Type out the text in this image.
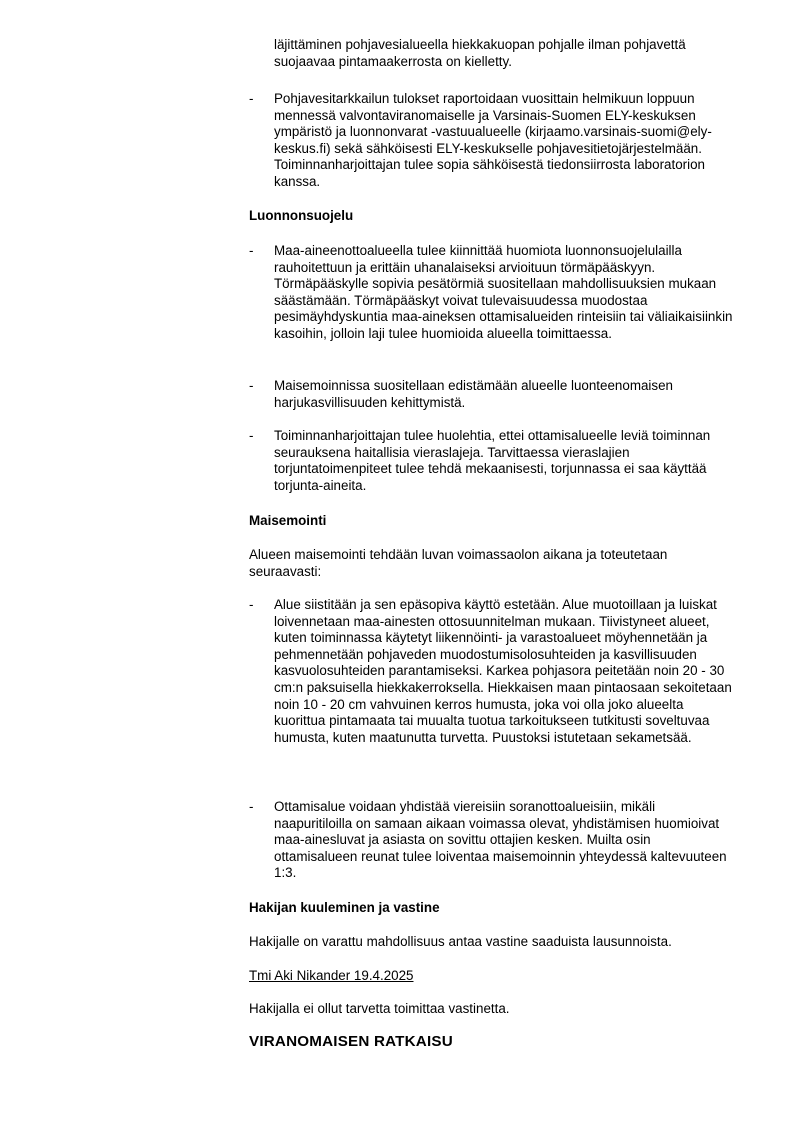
läjittäminen pohjavesialueella hiekkakuopan pohjalle ilman pohjavettä suojaavaa pintamaakerrosta on kielletty.
- Pohjavesitarkkailun tulokset raportoidaan vuosittain helmikuun loppuun mennessä valvontaviranomaiselle ja Varsinais-Suomen ELY-keskuksen ympäristö ja luonnonvarat -vastuualueelle (kirjaamo.varsinais-suomi@ely-keskus.fi) sekä sähköisesti ELY-keskukselle pohjavesitietojärjestelmään. Toiminnanharjoittajan tulee sopia sähköisestä tiedonsiirrosta laboratorion kanssa.
Luonnonsuojelu
- Maa-aineenottoalueella tulee kiinnittää huomiota luonnonsuojelulailla rauhoitettuun ja erittäin uhanalaiseksi arvioituun törmäpääskyyn. Törmäpääskylle sopivia pesätörmiä suositellaan mahdollisuuksien mukaan säästämään. Törmäpääskyt voivat tulevaisuudessa muodostaa pesimäyhdyskuntia maa-aineksen ottamisalueiden rinteisiin tai väliaikaisiinkin kasoihin, jolloin laji tulee huomioida alueella toimittaessa.
- Maisemoinnissa suositellaan edistämään alueelle luonteenomaisen harjukasvillisuuden kehittymistä.
- Toiminnanharjoittajan tulee huolehtia, ettei ottamisalueelle leviä toiminnan seurauksena haitallisia vieraslajeja. Tarvittaessa vieraslajien torjuntatoimenpiteet tulee tehdä mekaanisesti, torjunnassa ei saa käyttää torjunta-aineita.
Maisemointi
Alueen maisemointi tehdään luvan voimassaolon aikana ja toteutetaan seuraavasti:
- Alue siistitään ja sen epäsopiva käyttö estetään. Alue muotoillaan ja luiskat loivennetaan maa-ainesten ottosuunnitelman mukaan. Tiivistyneet alueet, kuten toiminnassa käytetyt liikennöinti- ja varastoalueet möyhennetään ja pehmennetään pohjaveden muodostumisolosuhteiden ja kasvillisuuden kasvuolosuhteiden parantamiseksi. Karkea pohjasora peitetään noin 20 - 30 cm:n paksuisella hiekkakerroksella. Hiekkaisen maan pintaosaan sekoitetaan noin 10 - 20 cm vahvuinen kerros humusta, joka voi olla joko alueelta kuorittua pintamaata tai muualta tuotua tarkoitukseen tutkitusti soveltuvaa humusta, kuten maatunutta turvetta. Puustoksi istutetaan sekametsää.
- Ottamisalue voidaan yhdistää viereisiin soranottoalueisiin, mikäli naapuritiloilla on samaan aikaan voimassa olevat, yhdistämisen huomioivat maa-ainesluvat ja asiasta on sovittu ottajien kesken. Muilta osin ottamisalueen reunat tulee loiventaa maisemoinnin yhteydessä kaltevuuteen 1:3.
Hakijan kuuleminen ja vastine
Hakijalle on varattu mahdollisuus antaa vastine saaduista lausunnoista.
Tmi Aki Nikander 19.4.2025
Hakijalla ei ollut tarvetta toimittaa vastinetta.
VIRANOMAISEN RATKAISU
